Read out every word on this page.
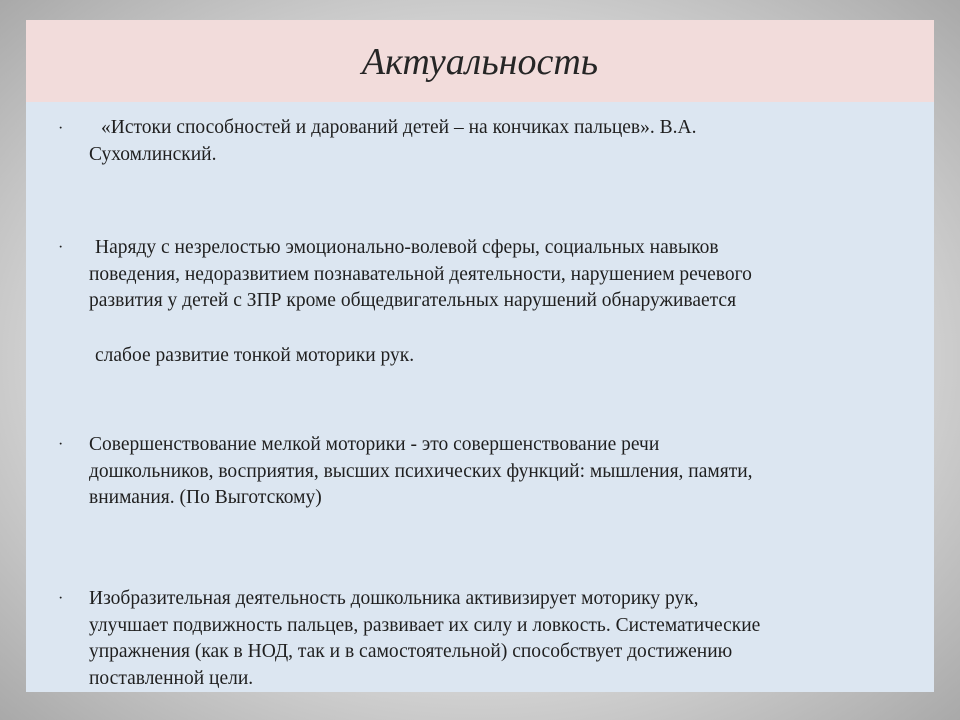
Актуальность
·	«Истоки способностей и дарований детей – на кончиках пальцев». В.А.
Сухомлинский.

·	Наряду с незрелостью эмоционально-волевой сферы, социальных навыков
поведения, недоразвитием познавательной деятельности, нарушением речевого
развития у детей с ЗПР кроме общедвигательных нарушений обнаруживается

слабое развитие тонкой моторики рук.

· Совершенствование мелкой моторики - это совершенствование речи
дошкольников, восприятия, высших психических функций: мышления, памяти,
внимания. (По Выготскому)

· Изобразительная деятельность дошкольника активизирует моторику рук,
улучшает подвижность пальцев, развивает их силу и ловкость. Систематические
упражнения (как в НОД, так и в самостоятельной) способствует достижению
поставленной цели.
